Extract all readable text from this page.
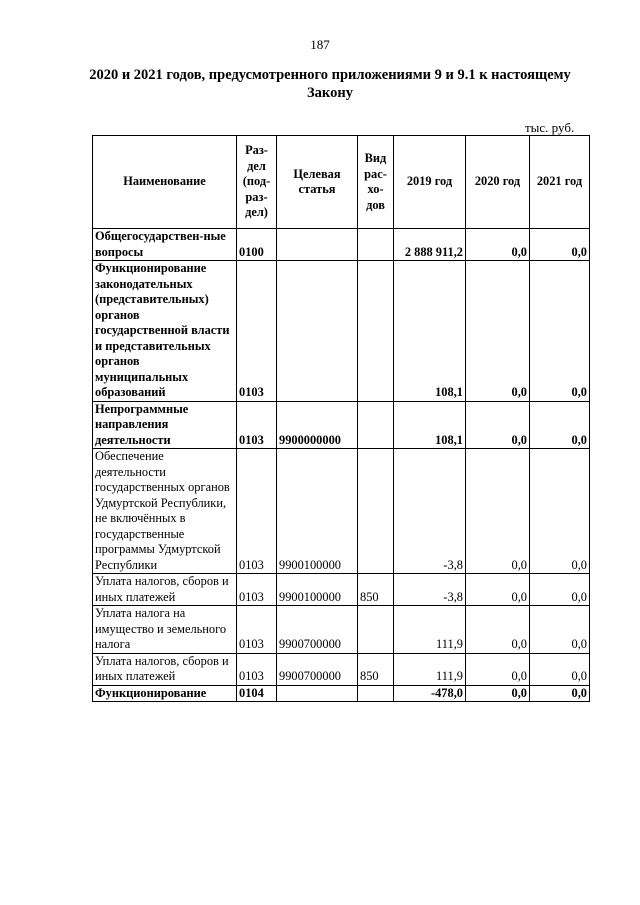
187
2020 и 2021 годов, предусмотренного приложениями 9 и 9.1 к настоящему Закону
тыс. руб.
Наименование	Раз-дел (под-раз-дел)	Целевая статья	Вид рас-хо-дов	2019 год	2020 год	2021 год
Общегосударствен-ные вопросы	0100			2 888 911,2	0,0	0,0
Функционирование законодательных (представительных) органов государственной власти и представительных органов муниципальных образований	0103			108,1	0,0	0,0
Непрограммные направления деятельности	0103	9900000000		108,1	0,0	0,0
Обеспечение деятельности государственных органов Удмуртской Республики, не включённых в государственные программы Удмуртской Республики	0103	9900100000		-3,8	0,0	0,0
Уплата налогов, сборов и иных платежей	0103	9900100000	850	-3,8	0,0	0,0
Уплата налога на имущество и земельного налога	0103	9900700000		111,9	0,0	0,0
Уплата налогов, сборов и иных платежей	0103	9900700000	850	111,9	0,0	0,0
Функционирование	0104			-478,0	0,0	0,0
